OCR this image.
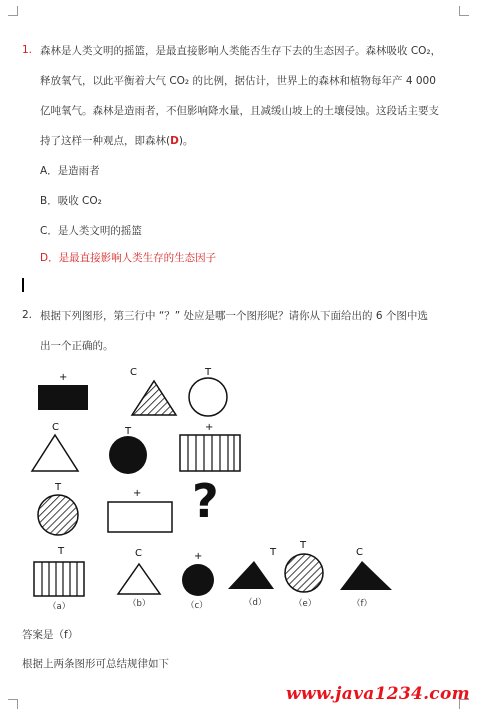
1. 森林是人类文明的摇篮，是最直接影响人类能否生存下去的生态因子。森林吸收 CO₂，
释放氧气，以此平衡着大气 CO₂ 的比例，据估计，世界上的森林和植物每年产 4 000
亿吨氧气。森林是造雨者，不但影响降水量，且减缓山坡上的土壤侵蚀。这段话主要支
持了这样一种观点，即森林(D)。
A．是造雨者
B．吸收 CO₂
C．是人类文明的摇篮
D．是最直接影响人类生存的生态因子
2. 根据下列图形，第三行中 “？” 处应是哪一个图形呢？请你从下面给出的 6 个图中选
出一个正确的。
+	C	T
C	T	+
T
+ ?
T	C	+	T
T
C
（a）	（b）	（c）	（d）	（e）	（f）
答案是（f）
根据上两条图形可总结规律如下
www.java1234.com
